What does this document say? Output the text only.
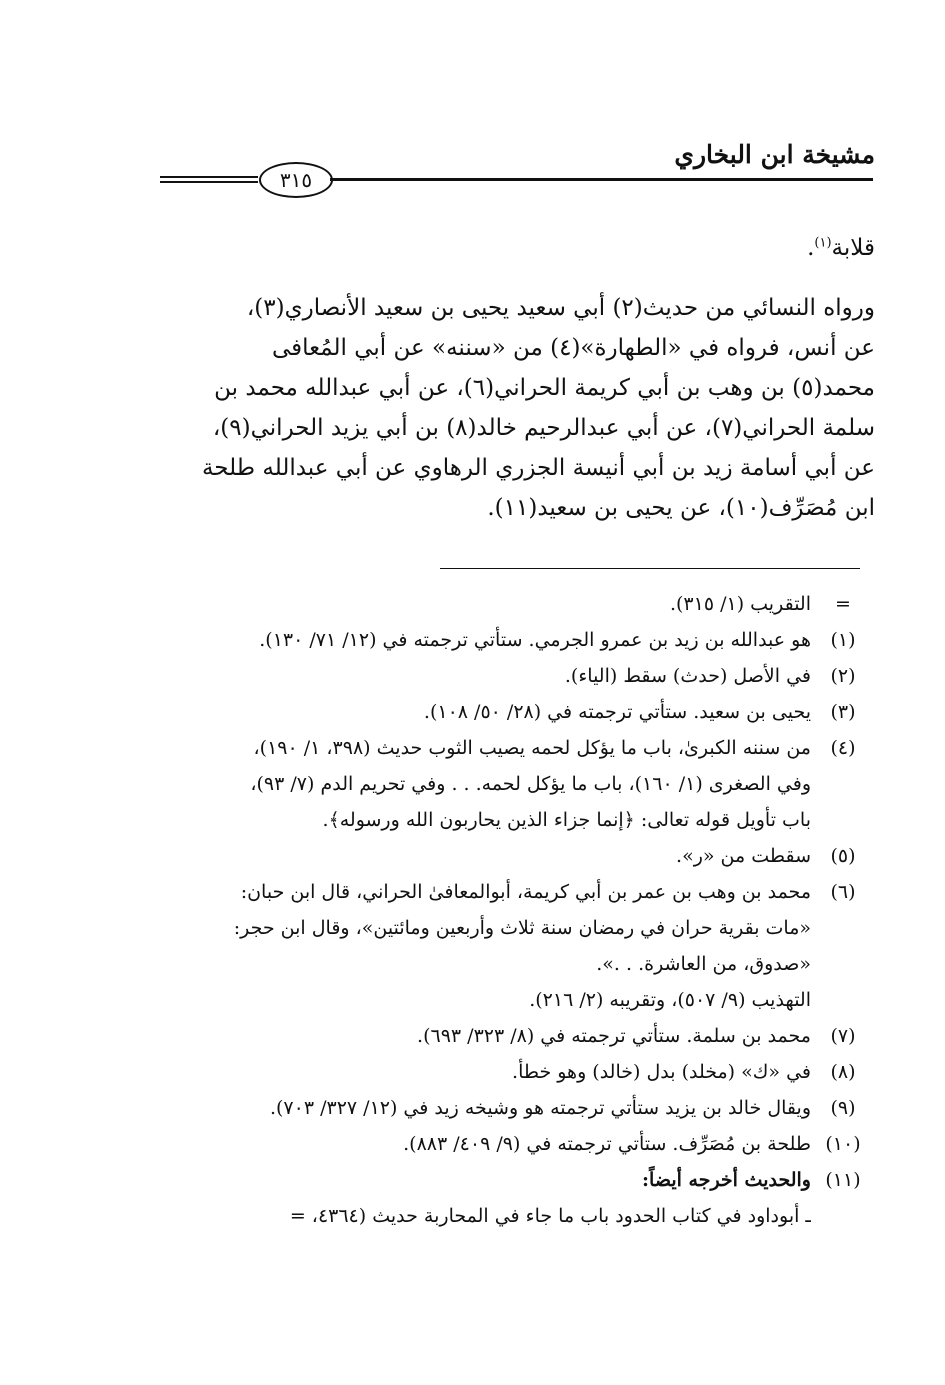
مشيخة ابن البخاري
٣١٥
قلابة$^{(١)}$.
ورواه النسائي من حديث(٢) أبي سعيد يحيى بن سعيد الأنصاري(٣)،
عن أنس، فرواه في «الطهارة»(٤) من «سننه» عن أبي المُعافى
محمد(٥) بن وهب بن أبي كريمة الحراني(٦)، عن أبي عبدالله محمد بن
سلمة الحراني(٧)، عن أبي عبدالرحيم خالد(٨) بن أبي يزيد الحراني(٩)،
عن أبي أسامة زيد بن أبي أنيسة الجزري الرهاوي عن أبي عبدالله طلحة
ابن مُصَرِّف(١٠)، عن يحيى بن سعيد(١١).
=
التقريب (١/ ٣١٥).
(١)
هو عبدالله بن زيد بن عمرو الجرمي. ستأتي ترجمته في (١٢/ ٧١/ ١٣٠).
(٢)
في الأصل (حدث) سقط (الياء).
(٣)
يحيى بن سعيد. ستأتي ترجمته في (٢٨/ ٥٠/ ١٠٨).
(٤)
من سننه الكبرىٰ، باب ما يؤكل لحمه يصيب الثوب حديث (٣٩٨، ١/ ١٩٠)،
وفي الصغرى (١/ ١٦٠)، باب ما يؤكل لحمه. . . وفي تحريم الدم (٧/ ٩٣)،
باب تأويل قوله تعالى: ﴿إنما جزاء الذين يحاربون الله ورسوله﴾.
(٥)
سقطت من «ر».
(٦)
محمد بن وهب بن عمر بن أبي كريمة، أبوالمعافىٰ الحراني، قال ابن حبان:
«مات بقرية حران في رمضان سنة ثلاث وأربعين ومائتين»، وقال ابن حجر:
«صدوق، من العاشرة. . .».
التهذيب (٩/ ٥٠٧)، وتقريبه (٢/ ٢١٦).
(٧)
محمد بن سلمة. ستأتي ترجمته في (٨/ ٣٢٣/ ٦٩٣).
(٨)
في «ك» (مخلد) بدل (خالد) وهو خطأ.
(٩)
ويقال خالد بن يزيد ستأتي ترجمته هو وشيخه زيد في (١٢/ ٣٢٧/ ٧٠٣).
(١٠)
طلحة بن مُصَرِّف. ستأتي ترجمته في (٩/ ٤٠٩/ ٨٨٣).
(١١)
والحديث أخرجه أيضاً:
ـ أبوداود في كتاب الحدود باب ما جاء في المحاربة حديث (٤٣٦٤، =
